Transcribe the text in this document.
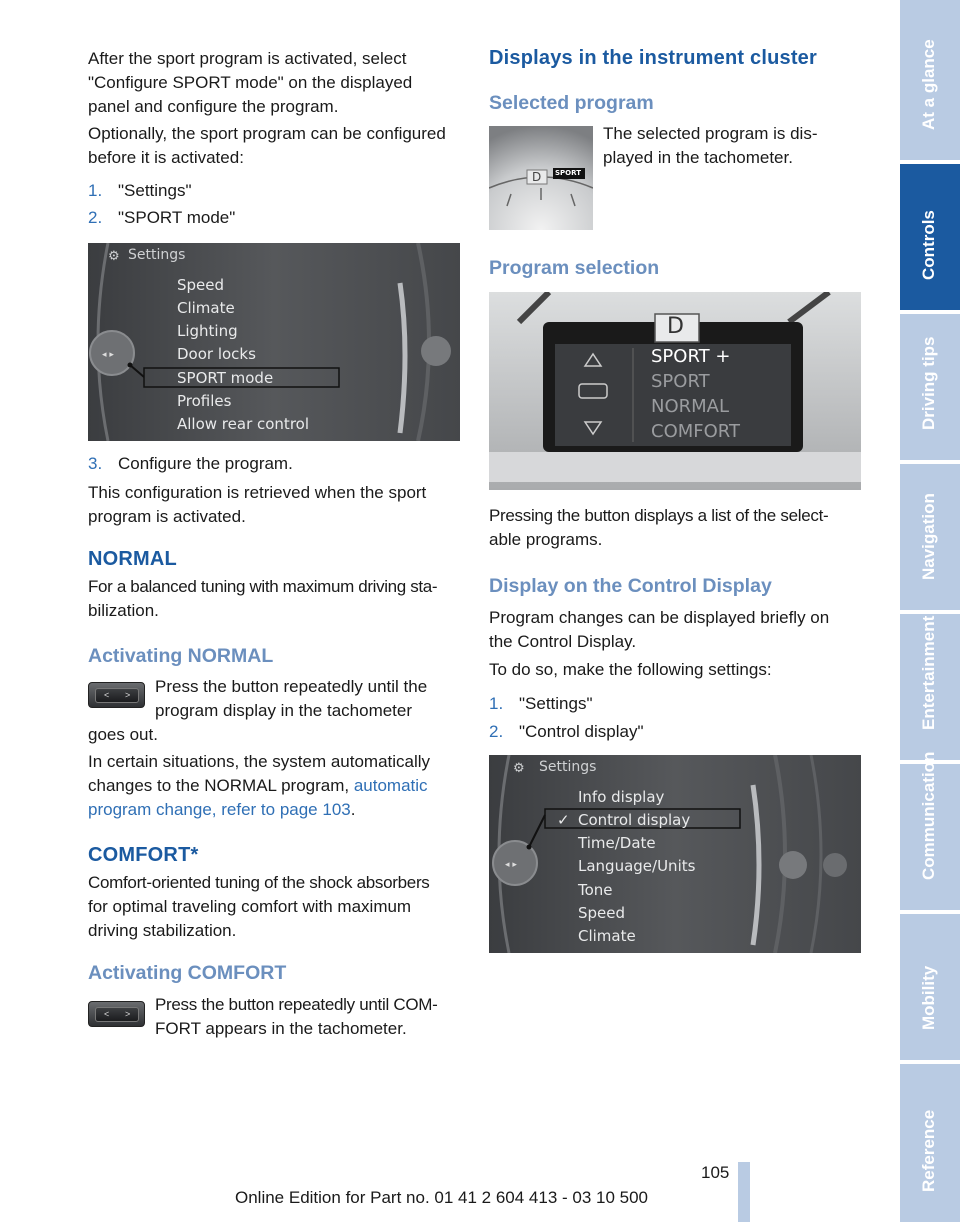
After the sport program is activated, select

"Configure SPORT mode" on the displayed

panel and configure the program.

Optionally, the sport program can be configured

before it is activated:

1. "Settings"
2. "SPORT mode"
◂ ▸
⚙ Settings
Speed
Climate
Lighting
Door locks
SPORT mode
Profiles
Allow rear control
3. Configure the program.

This configuration is retrieved when the sport

program is activated.

NORMAL

For a balanced tuning with maximum driving sta-

bilization.

Activating NORMAL
< > Press the button repeatedly until the

program display in the tachometer

goes out.

In certain situations, the system automatically

changes to the NORMAL program, automatic

program change, refer to page 103.

COMFORT*

Comfort-oriented tuning of the shock absorbers

for optimal traveling comfort with maximum

driving stabilization.

Activating COMFORT
< > Press the button repeatedly until COM-

FORT appears in the tachometer.

Displays in the instrument cluster
Selected program
D SPORT

The selected program is dis-

played in the tachometer.

Program selection
D
SPORT +
SPORT
NORMAL
COMFORT

Pressing the button displays a list of the select-

able programs.

Display on the Control Display

Program changes can be displayed briefly on

the Control Display.

To do so, make the following settings:

1. "Settings"
2. "Control display"
◂ ▸
⚙ Settings
Info display
✓ Control display
Time/Date
Language/Units
Tone
Speed
Climate
At a glance
Controls
Driving tips
Navigation
Entertainment
Communication
Mobility
Reference
105
Online Edition for Part no. 01 41 2 604 413 - 03 10 500
